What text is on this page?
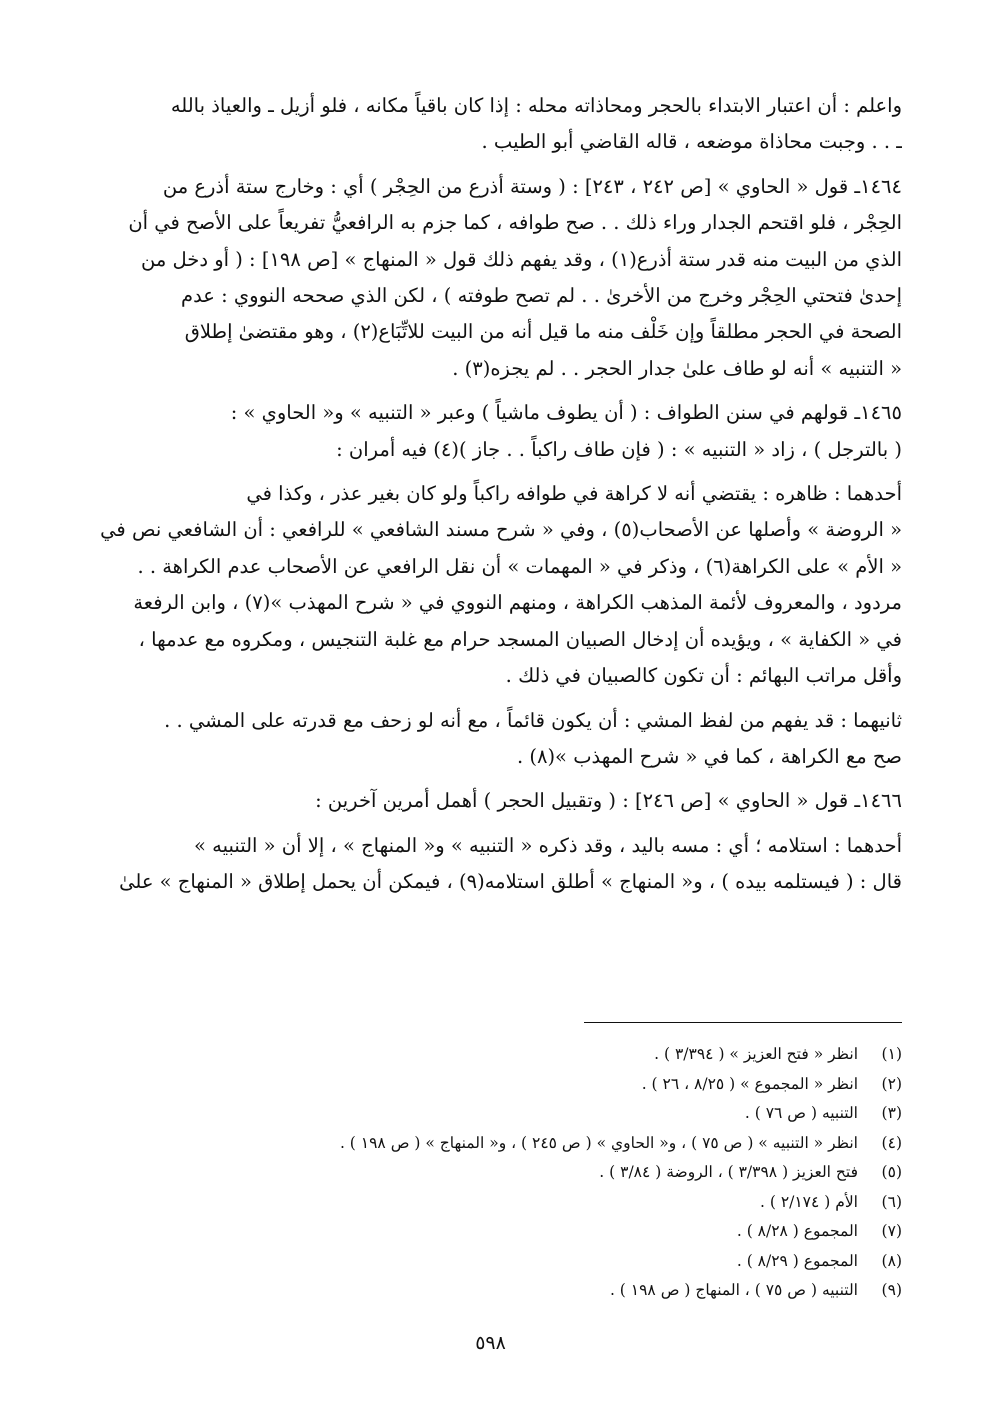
واعلم : أن اعتبار الابتداء بالحجر ومحاذاته محله : إذا كان باقياً مكانه ، فلو أزيل ـ والعياذ بالله
ـ . . وجبت محاذاة موضعه ، قاله القاضي أبو الطيب .
١٤٦٤ـ قول « الحاوي » [ص ٢٤٢ ، ٢٤٣] : ( وستة أذرع من الحِجْر ) أي : وخارج ستة أذرع من
الحِجْر ، فلو اقتحم الجدار وراء ذلك . . صح طوافه ، كما جزم به الرافعيُّ تفريعاً على الأصح في أن
الذي من البيت منه قدر ستة أذرع(١) ، وقد يفهم ذلك قول « المنهاج » [ص ١٩٨] : ( أو دخل من
إحدىٰ فتحتي الحِجْر وخرج من الأخرىٰ . . لم تصح طوفته ) ، لكن الذي صححه النووي : عدم
الصحة في الحجر مطلقاً وإن خَلْف منه ما قيل أنه من البيت للاتِّبَاع(٢) ، وهو مقتضىٰ إطلاق
« التنبيه » أنه لو طاف علىٰ جدار الحجر . . لم يجزه(٣) .
١٤٦٥ـ قولهم في سنن الطواف : ( أن يطوف ماشياً ) وعبر « التنبيه » و« الحاوي » :
( بالترجل ) ، زاد « التنبيه » : ( فإن طاف راكباً . . جاز )(٤) فيه أمران :
أحدهما : ظاهره : يقتضي أنه لا كراهة في طوافه راكباً ولو كان بغير عذر ، وكذا في
« الروضة » وأصلها عن الأصحاب(٥) ، وفي « شرح مسند الشافعي » للرافعي : أن الشافعي نص في
« الأم » على الكراهة(٦) ، وذكر في « المهمات » أن نقل الرافعي عن الأصحاب عدم الكراهة . .
مردود ، والمعروف لأئمة المذهب الكراهة ، ومنهم النووي في « شرح المهذب »(٧) ، وابن الرفعة
في « الكفاية » ، ويؤيده أن إدخال الصبيان المسجد حرام مع غلبة التنجيس ، ومكروه مع عدمها ،
وأقل مراتب البهائم : أن تكون كالصبيان في ذلك .
ثانيهما : قد يفهم من لفظ المشي : أن يكون قائماً ، مع أنه لو زحف مع قدرته على المشي . .
صح مع الكراهة ، كما في « شرح المهذب »(٨) .
١٤٦٦ـ قول « الحاوي » [ص ٢٤٦] : ( وتقبيل الحجر ) أهمل أمرين آخرين :
أحدهما : استلامه ؛ أي : مسه باليد ، وقد ذكره « التنبيه » و« المنهاج » ، إلا أن « التنبيه »
قال : ( فيستلمه بيده ) ، و« المنهاج » أطلق استلامه(٩) ، فيمكن أن يحمل إطلاق « المنهاج » علىٰ
(١)
انظر « فتح العزيز » ( ٣/٣٩٤ ) .
(٢)
انظر « المجموع » ( ٨/٢٥ ، ٢٦ ) .
(٣)
التنبيه ( ص ٧٦ ) .
(٤)
انظر « التنبيه » ( ص ٧٥ ) ، و« الحاوي » ( ص ٢٤٥ ) ، و« المنهاج » ( ص ١٩٨ ) .
(٥)
فتح العزيز ( ٣/٣٩٨ ) ، الروضة ( ٣/٨٤ ) .
(٦)
الأم ( ٢/١٧٤ ) .
(٧)
المجموع ( ٨/٢٨ ) .
(٨)
المجموع ( ٨/٢٩ ) .
(٩)
التنبيه ( ص ٧٥ ) ، المنهاج ( ص ١٩٨ ) .
٥٩٨
